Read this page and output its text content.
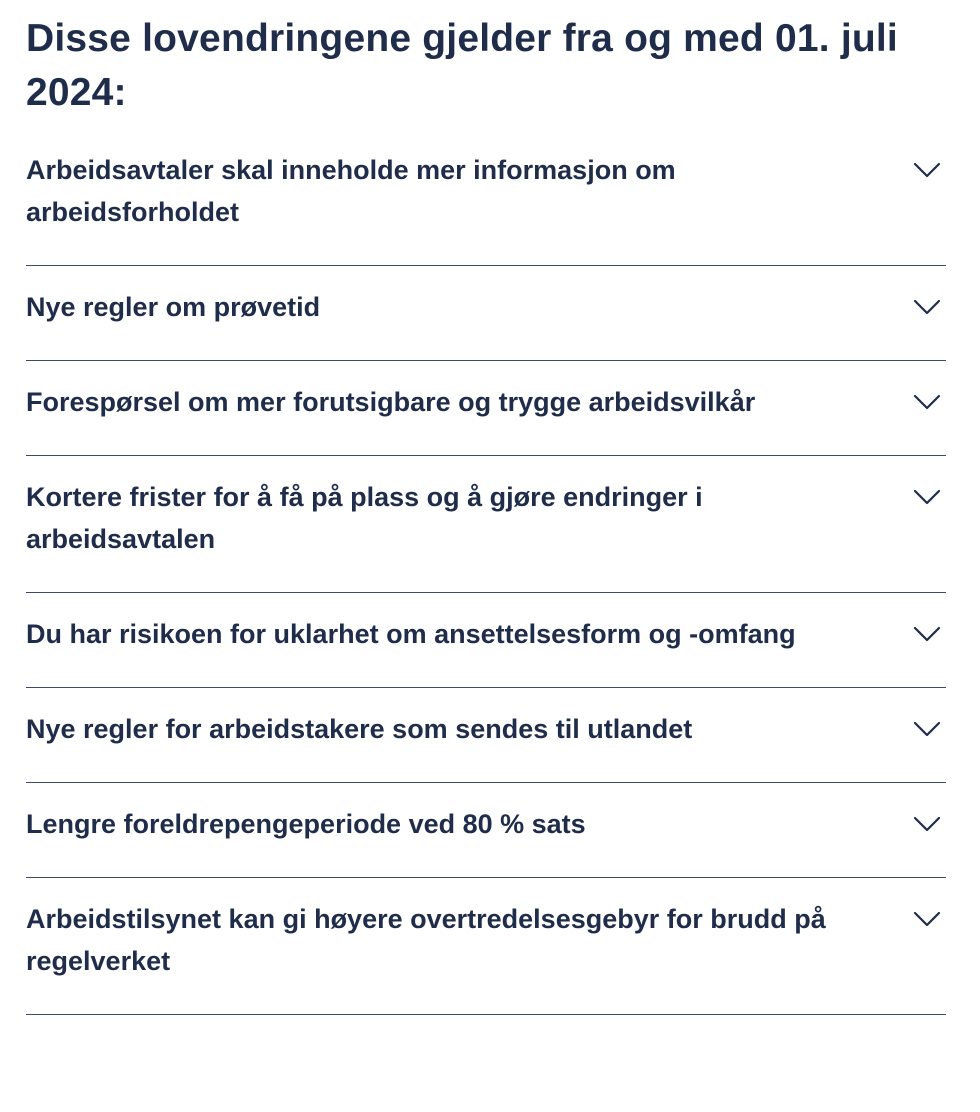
Disse lovendringene gjelder fra og med 01. juli 2024:
Arbeidsavtaler skal inneholde mer informasjon om arbeidsforholdet
Nye regler om prøvetid
Forespørsel om mer forutsigbare og trygge arbeidsvilkår
Kortere frister for å få på plass og å gjøre endringer i arbeidsavtalen
Du har risikoen for uklarhet om ansettelsesform og -omfang
Nye regler for arbeidstakere som sendes til utlandet
Lengre foreldrepengeperiode ved 80 % sats
Arbeidstilsynet kan gi høyere overtredelsesgebyr for brudd på regelverket
